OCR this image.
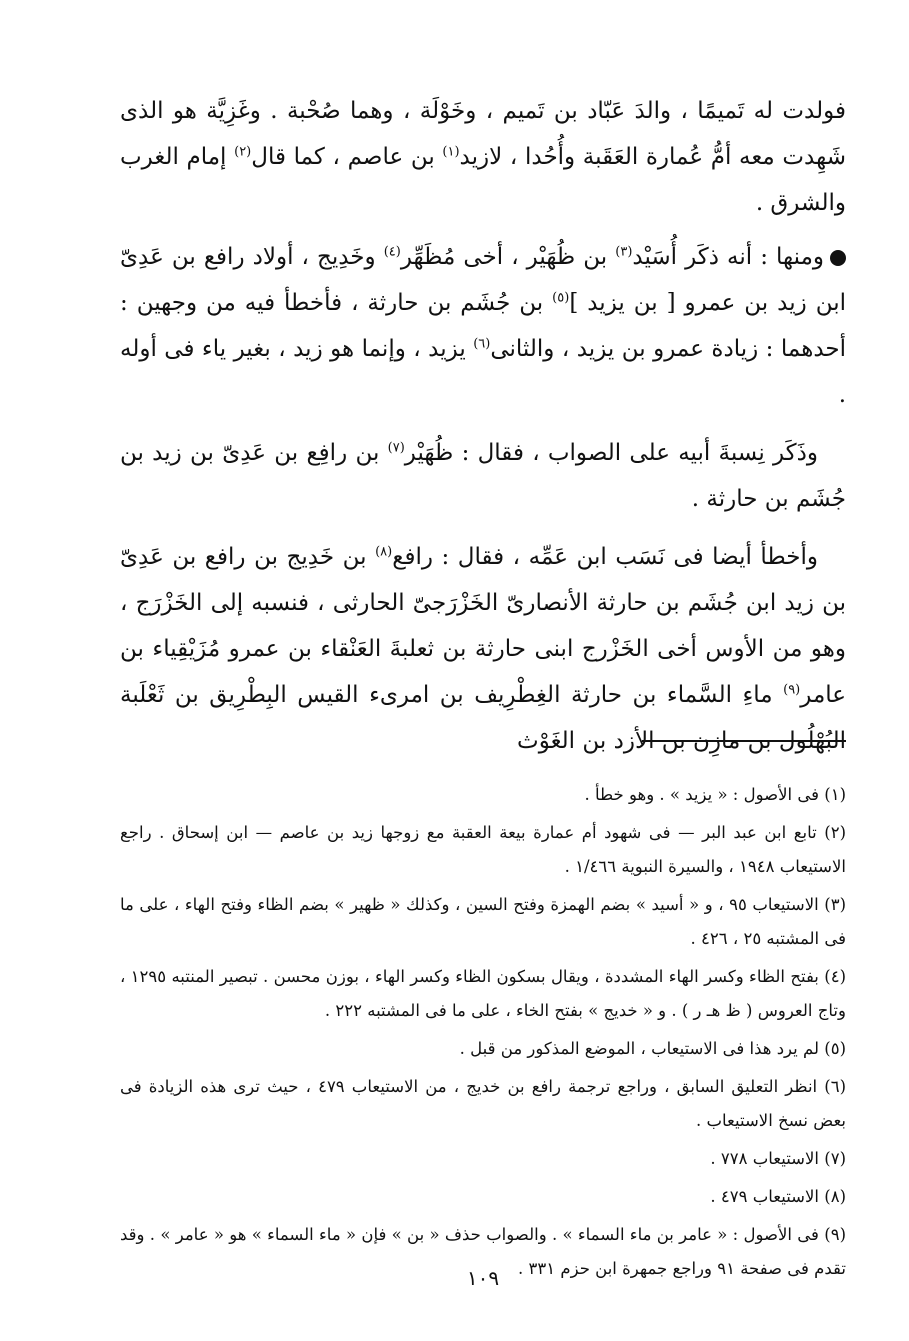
فولدت له تَميمًا ، والدَ عَبّاد بن تَميم ، وخَوْلَة ، وهما صُحْبة . وغَزِيَّة هو الذى شَهِدت معه أمُّ عُمارة العَقَبة وأُحُدا ، لازيد$^{(١)}$ بن عاصم ، كما قال$^{(٢)}$ إمام الغرب والشرق .

ومنها : أنه ذكَر أُسَيْد$^{(٣)}$ بن ظُهَيْر ، أخى مُظَهِّر$^{(٤)}$ وخَدِيج ، أولاد رافع بن عَدِىّ ابن زيد بن عمرو [ بن يزيد ]$^{(٥)}$ بن جُشَم بن حارثة ، فأخطأ فيه من وجهين : أحدهما : زيادة عمرو بن يزيد ، والثانى$^{(٦)}$ يزيد ، وإنما هو زيد ، بغير ياء فى أوله .

وذَكَر نِسبةَ أبيه على الصواب ، فقال : ظُهَيْر$^{(٧)}$ بن رافِع بن عَدِىّ بن زيد بن جُشَم بن حارثة .

وأخطأ أيضا فى نَسَب ابن عَمِّه ، فقال : رافع$^{(٨)}$ بن خَدِيج بن رافع بن عَدِىّ بن زيد ابن جُشَم بن حارثة الأنصارىّ الخَزْرَجىّ الحارثى ، فنسبه إلى الخَزْرَج ، وهو من الأوس أخى الخَزْرج ابنى حارثة بن ثعلبةَ العَنْقاء بن عمرو مُزَيْقِياء بن عامر$^{(٩)}$ ماءِ السَّماء بن حارثة الغِطْرِيف بن امرىء القيس البِطْرِيق بن ثَعْلَبة البُهْلُول بن مازِن بن الأزد بن الغَوْث

(١) فى الأصول : « يزيد » . وهو خطأ .

(٢) تابع ابن عبد البر — فى شهود أم عمارة بيعة العقبة مع زوجها زيد بن عاصم — ابن إسحاق . راجع الاستيعاب ١٩٤٨ ، والسيرة النبوية ١/٤٦٦ .

(٣) الاستيعاب ٩٥ ، و « أسيد » بضم الهمزة وفتح السين ، وكذلك « ظهير » بضم الظاء وفتح الهاء ، على ما فى المشتبه ٢٥ ، ٤٢٦ .

(٤) بفتح الظاء وكسر الهاء المشددة ، ويقال بسكون الظاء وكسر الهاء ، بوزن محسن . تبصير المنتبه ١٢٩٥ ، وتاج العروس ( ظ هـ ر ) . و « خديج » بفتح الخاء ، على ما فى المشتبه ٢٢٢ .

(٥) لم يرد هذا فى الاستيعاب ، الموضع المذكور من قبل .

(٦) انظر التعليق السابق ، وراجع ترجمة رافع بن خديج ، من الاستيعاب ٤٧٩ ، حيث ترى هذه الزيادة فى بعض نسخ الاستيعاب .

(٧) الاستيعاب ٧٧٨ .

(٨) الاستيعاب ٤٧٩ .

(٩) فى الأصول : « عامر بن ماء السماء » . والصواب حذف « بن » فإن « ماء السماء » هو « عامر » . وقد تقدم فى صفحة ٩١ وراجع جمهرة ابن حزم ٣٣١ .

١٠٩
